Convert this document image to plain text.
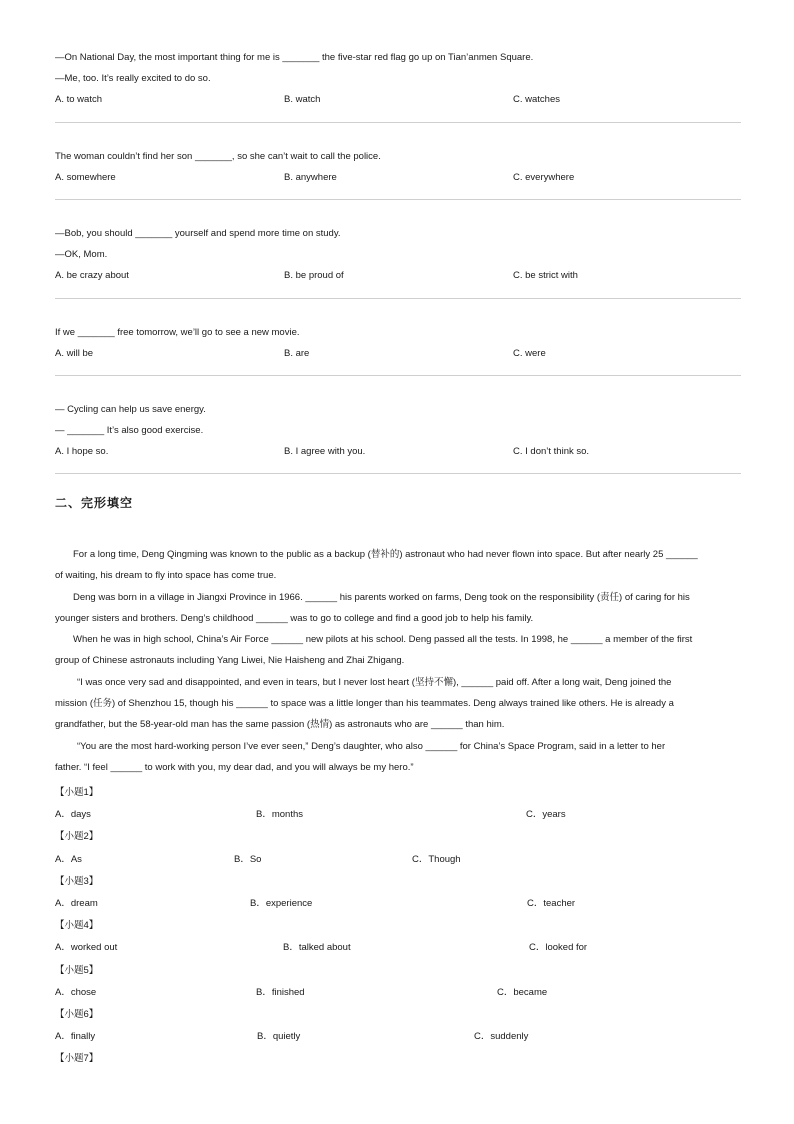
—On National Day, the most important thing for me is _______ the five-star red flag go up on Tian’anmen Square.
—Me, too. It’s really excited to do so.
A. to watch	B. watch	C. watches
The woman couldn’t find her son _______, so she can’t wait to call the police.
A. somewhere	B. anywhere	C. everywhere
—Bob, you should _______ yourself and spend more time on study.
—OK, Mom.
A. be crazy about	B. be proud of	C. be strict with
If we _______ free tomorrow, we’ll go to see a new movie.
A. will be	B. are	C. were
— Cycling can help us save energy.
— _______ It’s also good exercise.
A. I hope so.	B. I agree with you.	C. I don’t think so.
二、完形填空

For a long time, Deng Qingming was known to the public as a backup (替补的) astronaut who had never flown into space. But after nearly 25 ______

of waiting, his dream to fly into space has come true.

Deng was born in a village in Jiangxi Province in 1966. ______ his parents worked on farms, Deng took on the responsibility (责任) of caring for his

younger sisters and brothers. Deng’s childhood ______ was to go to college and find a good job to help his family.

When he was in high school, China’s Air Force ______ new pilots at his school. Deng passed all the tests. In 1998, he ______ a member of the first

group of Chinese astronauts including Yang Liwei, Nie Haisheng and Zhai Zhigang.

“I was once very sad and disappointed, and even in tears, but I never lost heart (坚持不懈), ______ paid off. After a long wait, Deng joined the

mission (任务) of Shenzhou 15, though his ______ to space was a little longer than his teammates. Deng always trained like others. He is already a

grandfather, but the 58-year-old man has the same passion (热情) as astronauts who are ______ than him.

“You are the most hard-working person I’ve ever seen,” Deng’s daughter, who also ______ for China’s Space Program, said in a letter to her

father. “I feel ______ to work with you, my dear dad, and you will always be my hero.”

【小题1】
A．days	B．months	C．years
【小题2】
A．As	B．So	C．Though
【小题3】
A．dream	B．experience	C．teacher
【小题4】
A．worked out	B．talked about	C．looked for
【小题5】
A．chose	B．finished	C．became
【小题6】
A．finally	B．quietly	C．suddenly
【小题7】
